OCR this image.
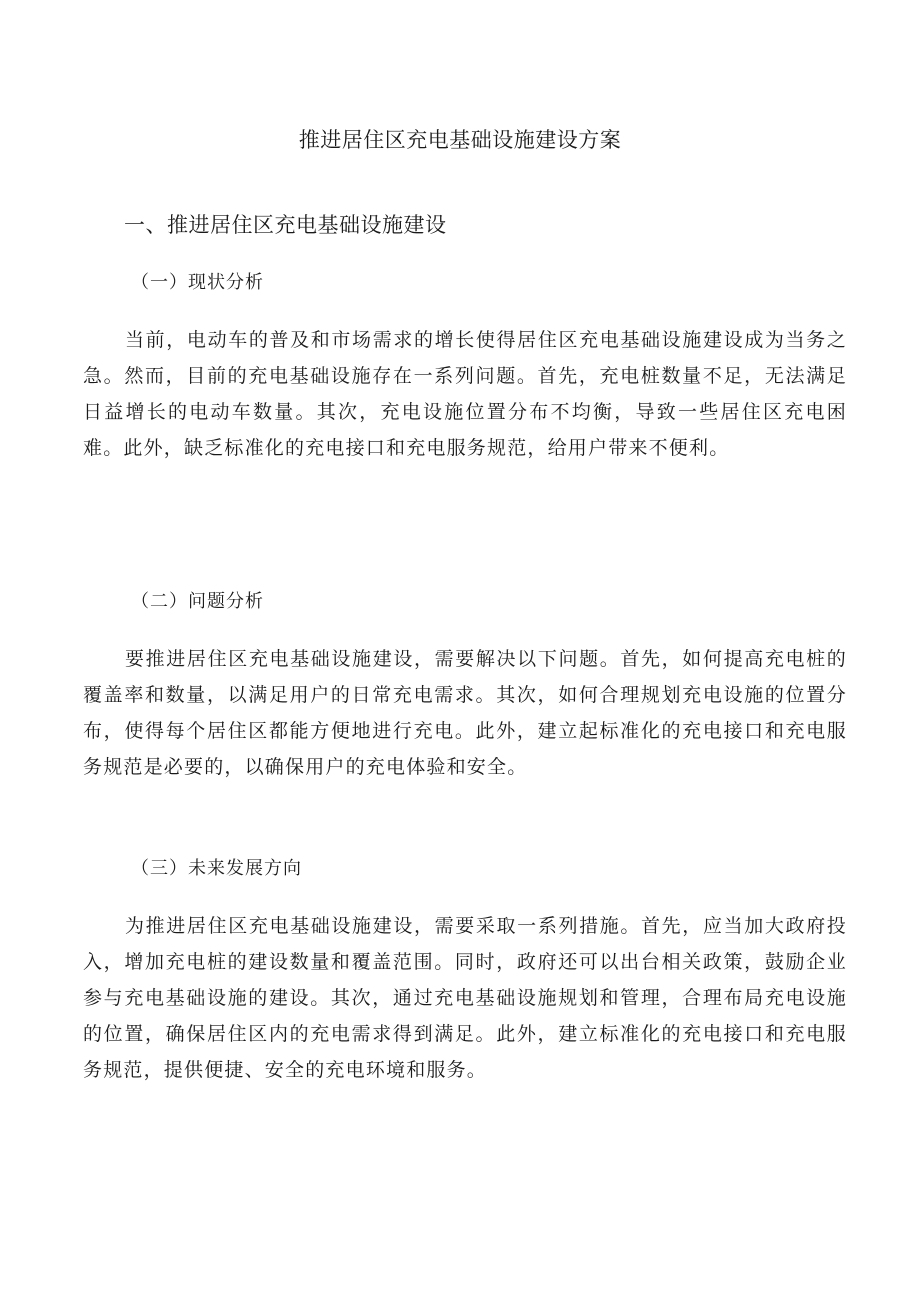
推进居住区充电基础设施建设方案
一、推进居住区充电基础设施建设
（一）现状分析

当前，电动车的普及和市场需求的增长使得居住区充电基础设施建设成为当务之急。然而，目前的充电基础设施存在一系列问题。首先，充电桩数量不足，无法满足日益增长的电动车数量。其次，充电设施位置分布不均衡，导致一些居住区充电困难。此外，缺乏标准化的充电接口和充电服务规范，给用户带来不便利。

（二）问题分析

要推进居住区充电基础设施建设，需要解决以下问题。首先，如何提高充电桩的覆盖率和数量，以满足用户的日常充电需求。其次，如何合理规划充电设施的位置分布，使得每个居住区都能方便地进行充电。此外，建立起标准化的充电接口和充电服务规范是必要的，以确保用户的充电体验和安全。

（三）未来发展方向

为推进居住区充电基础设施建设，需要采取一系列措施。首先，应当加大政府投入，增加充电桩的建设数量和覆盖范围。同时，政府还可以出台相关政策，鼓励企业参与充电基础设施的建设。其次，通过充电基础设施规划和管理，合理布局充电设施的位置，确保居住区内的充电需求得到满足。此外，建立标准化的充电接口和充电服务规范，提供便捷、安全的充电环境和服务。
